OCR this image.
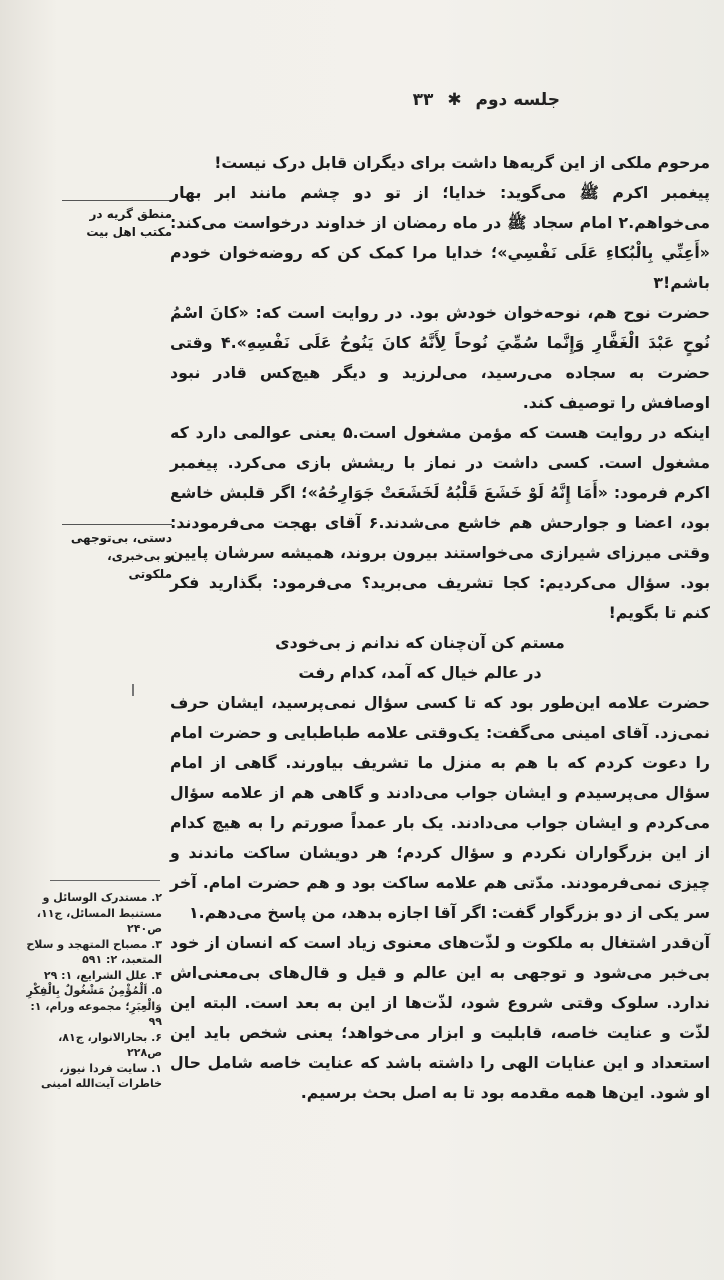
جلسه دوم ✱ ۳۳
منطق گریه در مکتب اهل بیت
دستی، بی‌توجهی و بی‌خبری، ملکوتی

مرحوم ملکی از این گریه‌ها داشت برای دیگران قابل درک نیست!

پیغمبر اکرم ﷺ می‌گوید: خدایا؛ از تو دو چشم مانند ابر بهار می‌خواهم.٢ امام سجاد ﷺ در ماه رمضان از خداوند درخواست می‌کند: «أَعِنِّي بِالْبُكاءِ عَلَى نَفْسِي»؛ خدایا مرا کمک کن که روضه‌خوان خودم باشم!٣

حضرت نوح هم، نوحه‌خوان خودش بود. در روایت است که: «کانَ اسْمُ نُوحٍ عَبْدَ الْغَفَّارِ وَإِنَّما سُمِّيَ نُوحاً لِأَنَّهُ كانَ يَنُوحُ عَلَى نَفْسِهِ».۴ وقتی حضرت به سجاده می‌رسید، می‌لرزید و دیگر هیچ‌کس قادر نبود اوصافش را توصیف کند.

اینکه در روایت هست که مؤمن مشغول است.۵ یعنی عوالمی دارد که مشغول است. کسی داشت در نماز با ریشش بازی می‌کرد. پیغمبر اکرم فرمود: «أَمَا إِنَّهُ لَوْ خَشَعَ قَلْبُهُ لَخَشَعَتْ جَوَارِحُهُ»؛ اگر قلبش خاشع بود، اعضا و جوارحش هم خاشع می‌شدند.۶ آقای بهجت می‌فرمودند: وقتی میرزای شیرازی می‌خواستند بیرون بروند، همیشه سرشان پایین بود. سؤال می‌کردیم: کجا تشریف می‌برید؟ می‌فرمود: بگذارید فکر کنم تا بگویم!

مستم کن آن‌چنان که ندانم ز بی‌خودی

در عالم خیال که آمد، کدام رفت

حضرت علامه این‌طور بود که تا کسی سؤال نمی‌پرسید، ایشان حرف نمی‌زد. آقای امینی می‌گفت: یک‌وقتی علامه طباطبایی و حضرت امام را دعوت کردم که با هم به منزل ما تشریف بیاورند. گاهی از امام سؤال می‌پرسیدم و ایشان جواب می‌دادند و گاهی هم از علامه سؤال می‌کردم و ایشان جواب می‌دادند. یک بار عمداً صورتم را به هیچ کدام از این بزرگواران نکردم و سؤال کردم؛ هر دویشان ساکت ماندند و چیزی نمی‌فرمودند. مدّتی هم علامه ساکت بود و هم حضرت امام. آخر سر یکی از دو بزرگوار گفت: اگر آقا اجازه بدهد، من پاسخ می‌دهم.١

آن‌قدر اشتغال به ملکوت و لذّت‌های معنوی زیاد است که انسان از خود بی‌خبر می‌شود و توجهی به این عالم و قیل و قال‌های بی‌معنی‌اش ندارد. سلوک وقتی شروع شود، لذّت‌ها از این به بعد است. البته این لذّت و عنایت خاصه، قابلیت و ابزار می‌خواهد؛ یعنی شخص باید این استعداد و این عنایات الهی را داشته باشد که عنایت خاصه شامل حال او شود. این‌ها همه مقدمه بود تا به اصل بحث برسیم.

٢. مستدرک الوسائل و مستنبط المسائل، ج١١، ص٢۴٠
٣. مصباح المتهجد و سلاح المتعبد، ٢: ۵٩١
۴. علل الشرایع، ١: ٢٩
۵. اَلْمُؤْمِنُ مَشْغُولٌ بِالْفِكْرِ وَالْعِبَرِ؛ مجموعه ورام، ١: ٩٩
۶. بحارالانوار، ج٨١، ص٢٢٨
١. سایت فردا نیوز، خاطرات آیت‌الله امینی
